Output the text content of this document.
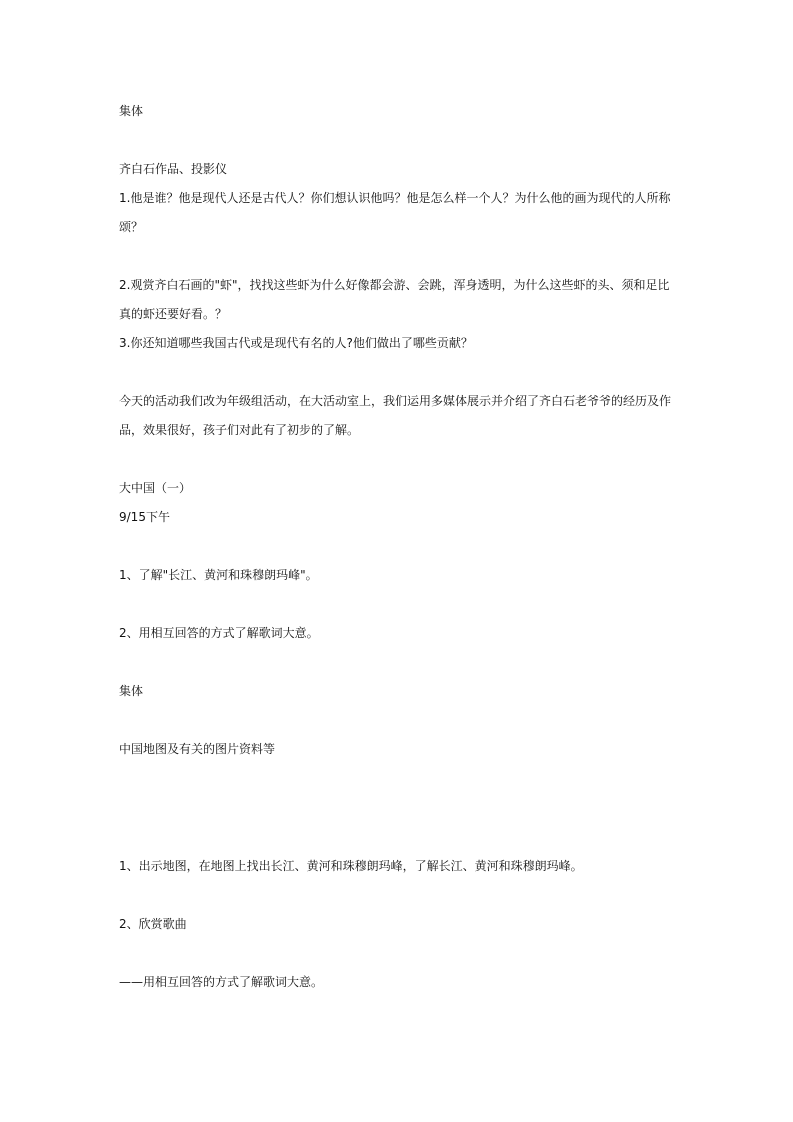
集体
齐白石作品、投影仪
1.他是谁？他是现代人还是古代人？你们想认识他吗？他是怎么样一个人？为什么他的画为现代的人所称颂？
2.观赏齐白石画的"虾"，找找这些虾为什么好像都会游、会跳，浑身透明，为什么这些虾的头、须和足比真的虾还要好看。？
3.你还知道哪些我国古代或是现代有名的人?他们做出了哪些贡献？
今天的活动我们改为年级组活动，在大活动室上，我们运用多媒体展示并介绍了齐白石老爷爷的经历及作品，效果很好，孩子们对此有了初步的了解。
大中国（一）
9/15下午
1、了解"长江、黄河和珠穆朗玛峰"。
2、用相互回答的方式了解歌词大意。
集体
中国地图及有关的图片资料等
1、出示地图，在地图上找出长江、黄河和珠穆朗玛峰，了解长江、黄河和珠穆朗玛峰。
2、欣赏歌曲
——用相互回答的方式了解歌词大意。
